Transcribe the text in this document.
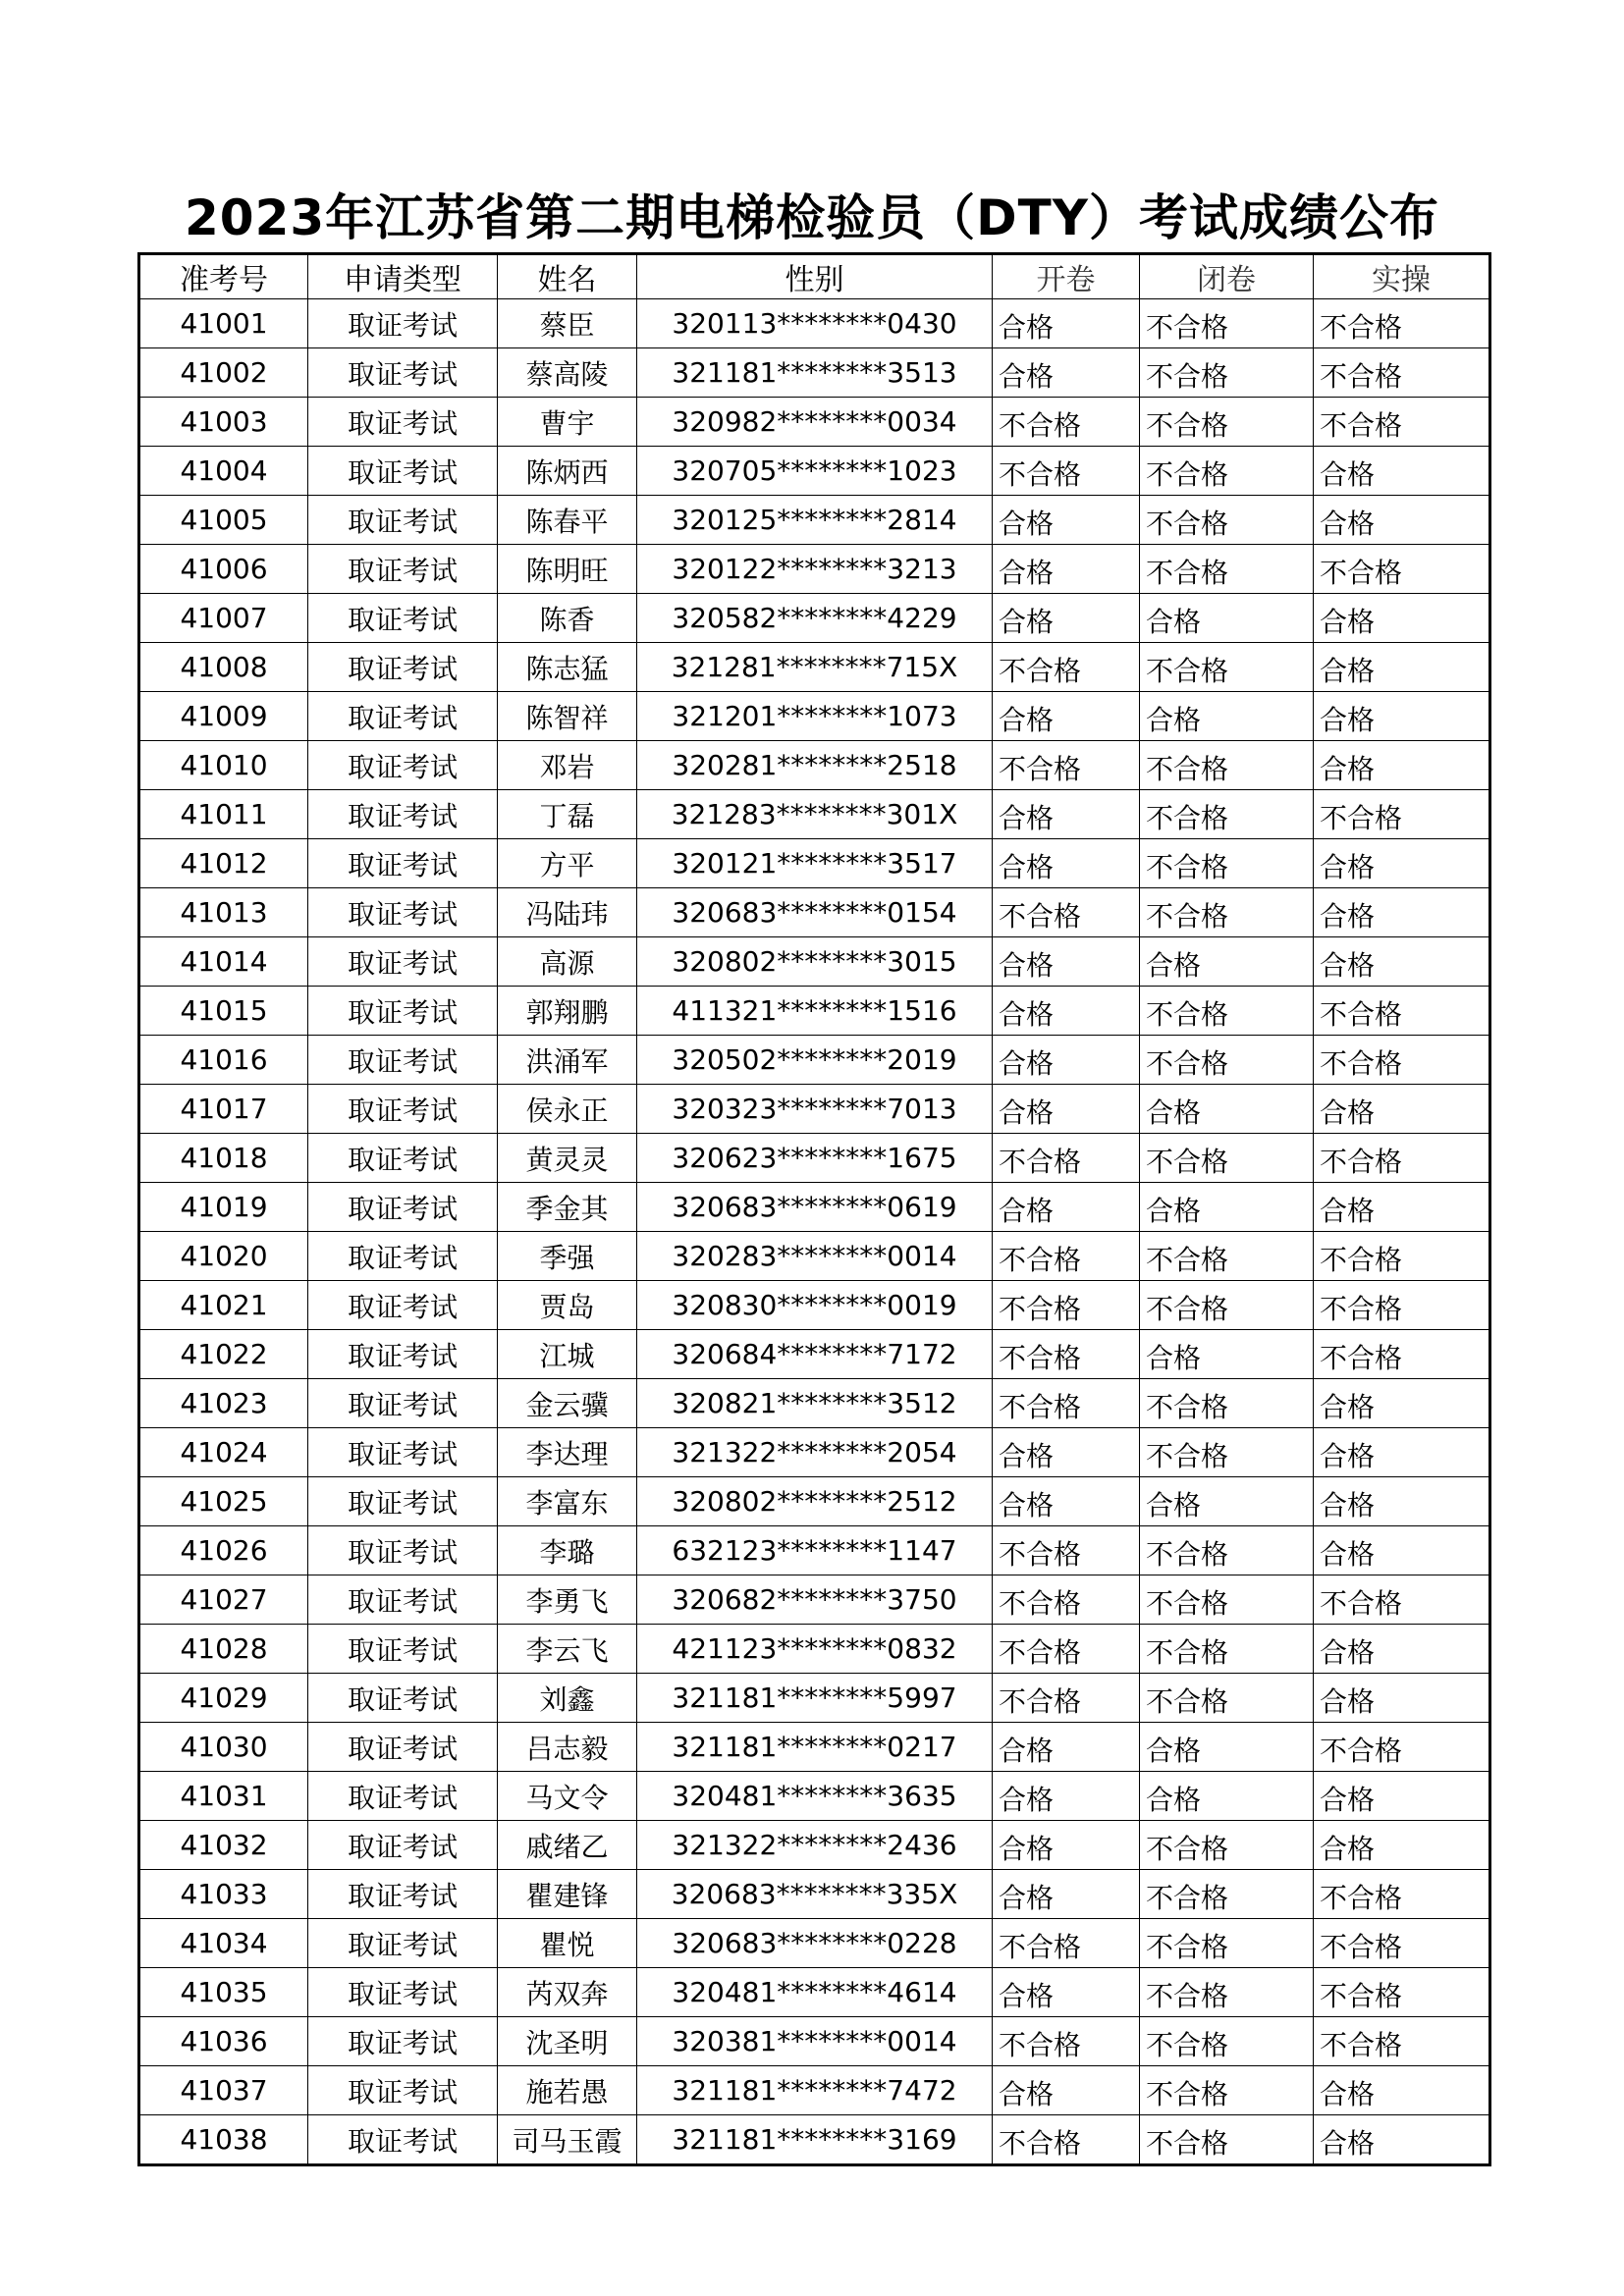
2023年江苏省第二期电梯检验员（DTY）考试成绩公布
准考号	申请类型	姓名	性别	开卷	闭卷	实操
41001	取证考试	蔡臣	320113********0430	合格	不合格	不合格
41002	取证考试	蔡高陵	321181********3513	合格	不合格	不合格
41003	取证考试	曹宇	320982********0034	不合格	不合格	不合格
41004	取证考试	陈炳西	320705********1023	不合格	不合格	合格
41005	取证考试	陈春平	320125********2814	合格	不合格	合格
41006	取证考试	陈明旺	320122********3213	合格	不合格	不合格
41007	取证考试	陈香	320582********4229	合格	合格	合格
41008	取证考试	陈志猛	321281********715X	不合格	不合格	合格
41009	取证考试	陈智祥	321201********1073	合格	合格	合格
41010	取证考试	邓岩	320281********2518	不合格	不合格	合格
41011	取证考试	丁磊	321283********301X	合格	不合格	不合格
41012	取证考试	方平	320121********3517	合格	不合格	合格
41013	取证考试	冯陆玮	320683********0154	不合格	不合格	合格
41014	取证考试	高源	320802********3015	合格	合格	合格
41015	取证考试	郭翔鹏	411321********1516	合格	不合格	不合格
41016	取证考试	洪涌军	320502********2019	合格	不合格	不合格
41017	取证考试	侯永正	320323********7013	合格	合格	合格
41018	取证考试	黄灵灵	320623********1675	不合格	不合格	不合格
41019	取证考试	季金其	320683********0619	合格	合格	合格
41020	取证考试	季强	320283********0014	不合格	不合格	不合格
41021	取证考试	贾岛	320830********0019	不合格	不合格	不合格
41022	取证考试	江城	320684********7172	不合格	合格	不合格
41023	取证考试	金云骥	320821********3512	不合格	不合格	合格
41024	取证考试	李达理	321322********2054	合格	不合格	合格
41025	取证考试	李富东	320802********2512	合格	合格	合格
41026	取证考试	李璐	632123********1147	不合格	不合格	合格
41027	取证考试	李勇飞	320682********3750	不合格	不合格	不合格
41028	取证考试	李云飞	421123********0832	不合格	不合格	合格
41029	取证考试	刘鑫	321181********5997	不合格	不合格	合格
41030	取证考试	吕志毅	321181********0217	合格	合格	不合格
41031	取证考试	马文令	320481********3635	合格	合格	合格
41032	取证考试	戚绪乙	321322********2436	合格	不合格	合格
41033	取证考试	瞿建锋	320683********335X	合格	不合格	不合格
41034	取证考试	瞿悦	320683********0228	不合格	不合格	不合格
41035	取证考试	芮双奔	320481********4614	合格	不合格	不合格
41036	取证考试	沈圣明	320381********0014	不合格	不合格	不合格
41037	取证考试	施若愚	321181********7472	合格	不合格	合格
41038	取证考试	司马玉霞	321181********3169	不合格	不合格	合格
